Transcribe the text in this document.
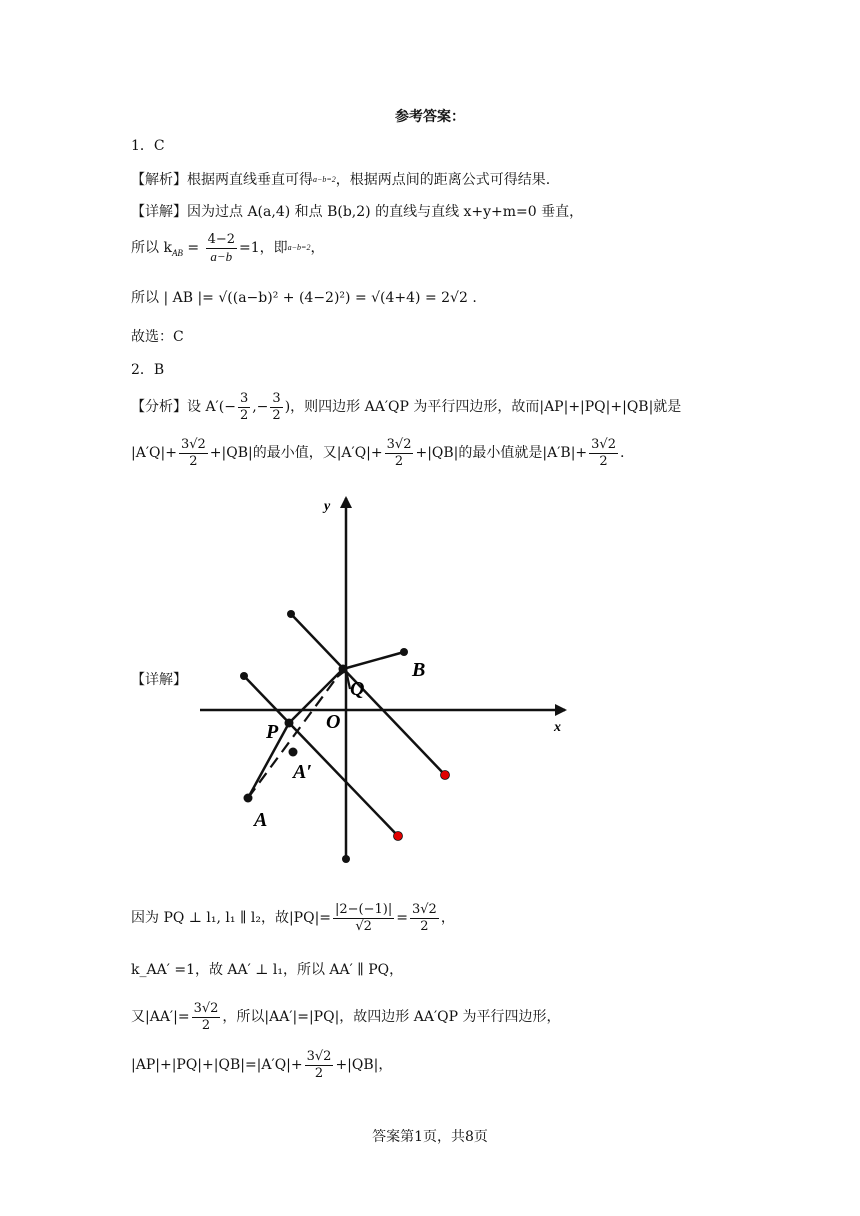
参考答案：
1．C
【解析】根据两直线垂直可得a−b=2，根据两点间的距离公式可得结果.
【详解】因为过点 A(a,4) 和点 B(b,2) 的直线与直线 x+y+m=0 垂直，
所以 $k_{AB} = \frac{4-2}{a-b} =1$，即a−b=2，
所以 | AB |= √((a−b)² + (4−2)²) = √(4+4) = 2√2 .
故选：C
2．B
【分析】设 $A'(- \frac{3}{2}$ ,− $\frac{3}{2}$ )，则四边形 AA′QP 为平行四边形，故而|AP|+|PQ|+|QB|就是
$|A'Q|+ \frac{3√2}{2} +|QB|$的最小值，又$|A'Q|+ \frac{3√2}{2} +|QB|$的最小值就是$|A'B|+ \frac{3√2}{2}$ .
【详解】
y
x
B
Q
O
P
A′
A
因为 PQ ⊥ l₁, l₁ ∥ l₂，故$|PQ|= \frac{|2-(-1)|}{√2} = \frac{3√2}{2}$ ，
k_AA′ =1，故 AA′ ⊥ l₁，所以 AA′ ∥ PQ，
又$|AA'|= \frac{3√2}{2}$ ，所以|AA′|=|PQ|，故四边形 AA′QP 为平行四边形，
$|AP|+|PQ|+|QB|=|A'Q|+ \frac{3√2}{2} +|QB|$，
答案第1页，共8页
